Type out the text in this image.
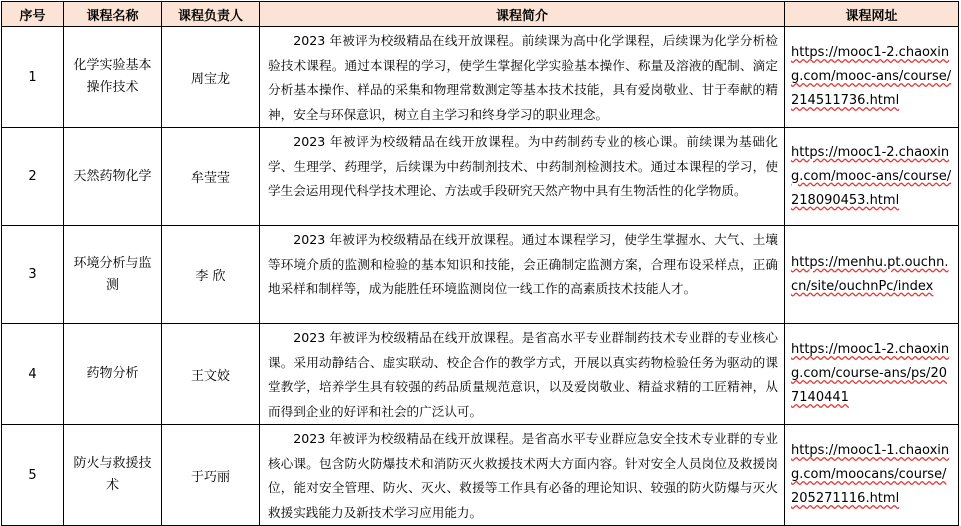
序号	课程名称	课程负责人	课程简介	课程网址
1	化学实验基本操作技术	周宝龙	2023 年被评为校级精品在线开放课程。前续课为高中化学课程，后续课为化学分析检验技术课程。通过本课程的学习，使学生掌握化学实验基本操作、称量及溶液的配制、滴定分析基本操作、样品的采集和物理常数测定等基本技术技能，具有爱岗敬业、甘于奉献的精神，安全与环保意识，树立自主学习和终身学习的职业理念。	https://mooc1-2.chaoxing.com/mooc-ans/course/214511736.html
2	天然药物化学	牟莹莹	2023 年被评为校级精品在线开放课程。为中药制药专业的核心课。前续课为基础化学、生理学、药理学，后续课为中药制剂技术、中药制剂检测技术。通过本课程的学习，使学生会运用现代科学技术理论、方法或手段研究天然产物中具有生物活性的化学物质。	https://mooc1-2.chaoxing.com/mooc-ans/course/218090453.html
3	环境分析与监测	李 欣	2023 年被评为校级精品在线开放课程。通过本课程学习，使学生掌握水、大气、土壤等环境介质的监测和检验的基本知识和技能，会正确制定监测方案，合理布设采样点，正确地采样和制样等，成为能胜任环境监测岗位一线工作的高素质技术技能人才。	https://menhu.pt.ouchn.cn/site/ouchnPc/index
4	药物分析	王文姣	2023 年被评为校级精品在线开放课程。是省高水平专业群制药技术专业群的专业核心课。采用动静结合、虚实联动、校企合作的教学方式，开展以真实药物检验任务为驱动的课堂教学，培养学生具有较强的药品质量规范意识，以及爱岗敬业、精益求精的工匠精神，从而得到企业的好评和社会的广泛认可。	https://mooc1-2.chaoxing.com/course-ans/ps/207140441
5	防火与救援技术	于巧丽	2023 年被评为校级精品在线开放课程。是省高水平专业群应急安全技术专业群的专业核心课。包含防火防爆技术和消防灭火救援技术两大方面内容。针对安全人员岗位及救援岗位，能对安全管理、防火、灭火、救援等工作具有必备的理论知识、较强的防火防爆与灭火救援实践能力及新技术学习应用能力。	https://mooc1-1.chaoxing.com/moocans/course/205271116.html
